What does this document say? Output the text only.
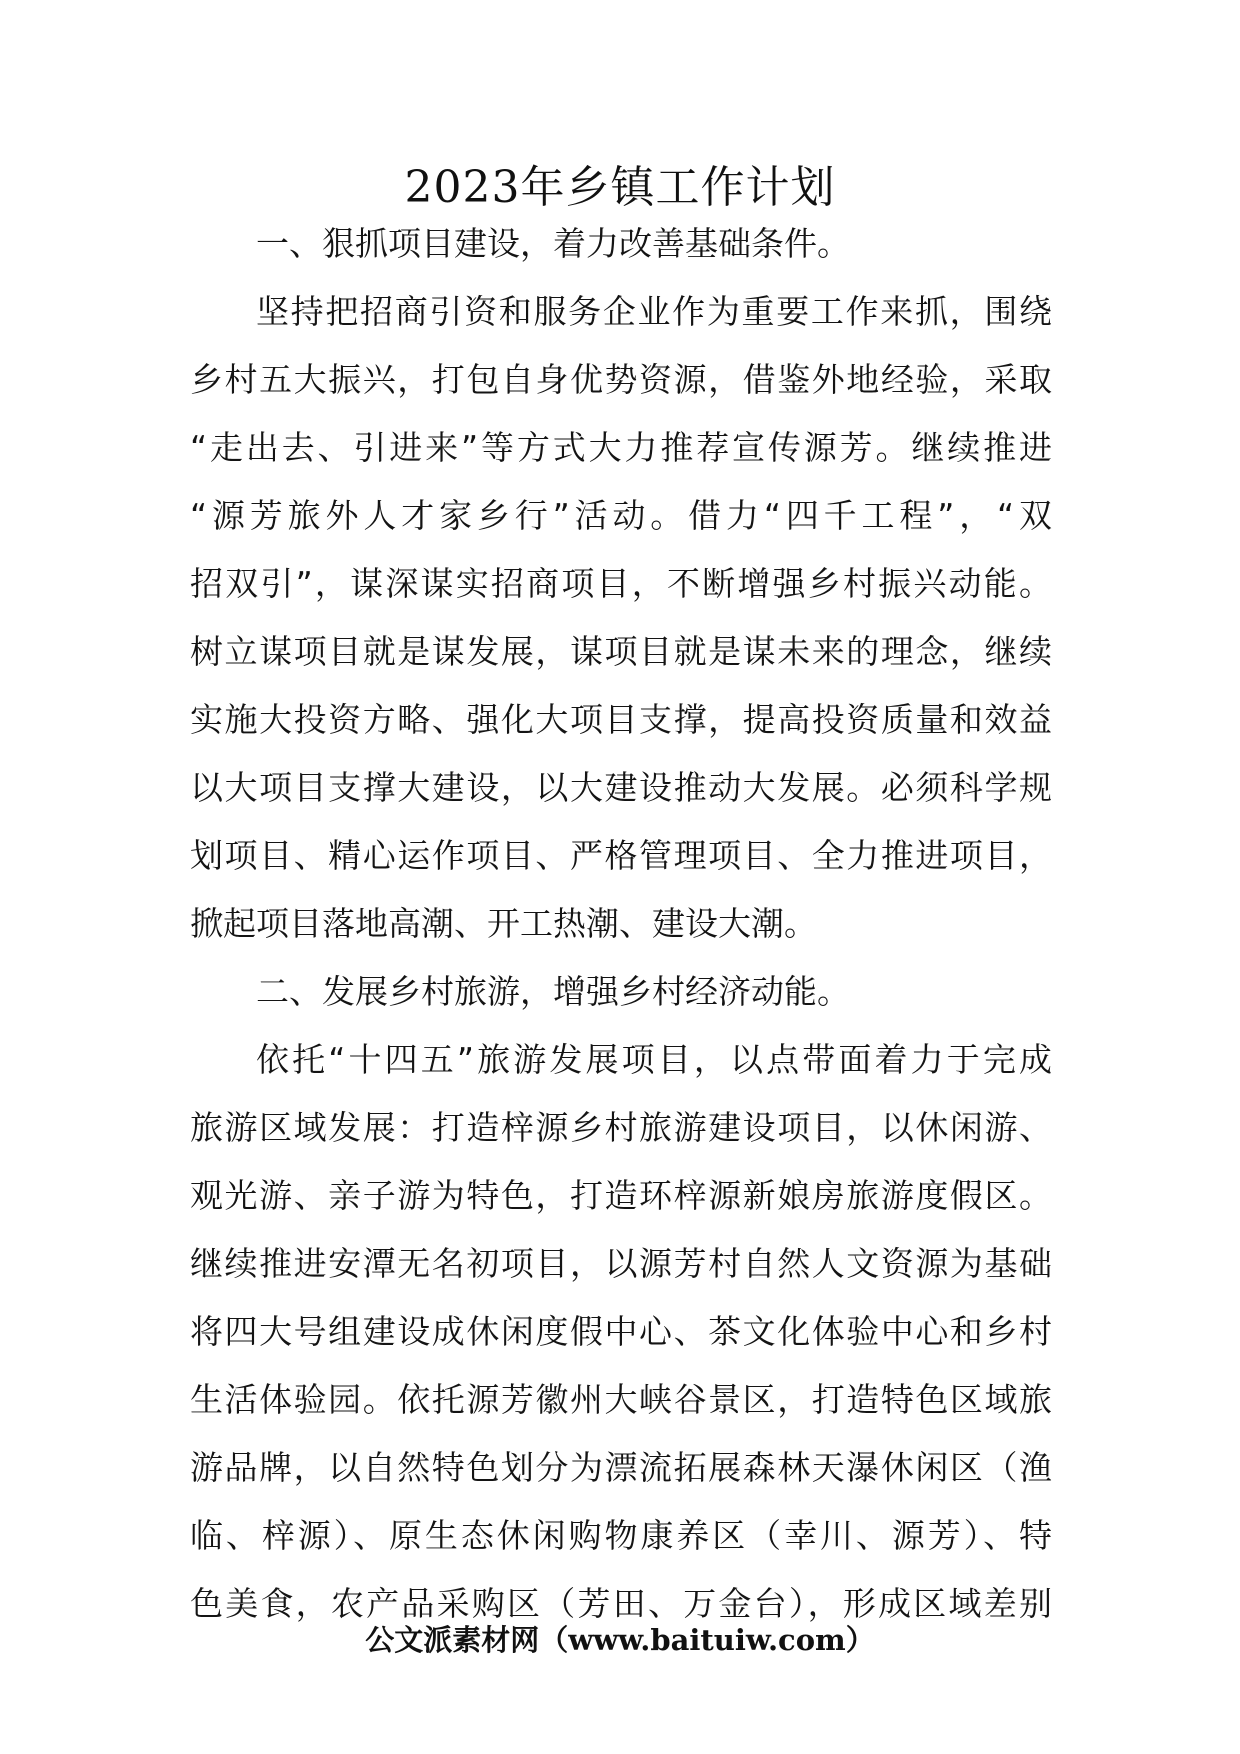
2023年乡镇工作计划
一、狠抓项目建设，着力改善基础条件。
坚持把招商引资和服务企业作为重要工作来抓，围绕
乡村五大振兴，打包自身优势资源，借鉴外地经验，采取
“走出去、引进来”等方式大力推荐宣传源芳。继续推进
“源芳旅外人才家乡行”活动。借力“四千工程”，“双
招双引”，谋深谋实招商项目，不断增强乡村振兴动能。
树立谋项目就是谋发展，谋项目就是谋未来的理念，继续
实施大投资方略、强化大项目支撑，提高投资质量和效益
以大项目支撑大建设，以大建设推动大发展。必须科学规
划项目、精心运作项目、严格管理项目、全力推进项目，
掀起项目落地高潮、开工热潮、建设大潮。
二、发展乡村旅游，增强乡村经济动能。
依托“十四五”旅游发展项目，以点带面着力于完成
旅游区域发展：打造梓源乡村旅游建设项目，以休闲游、
观光游、亲子游为特色，打造环梓源新娘房旅游度假区。
继续推进安潭无名初项目，以源芳村自然人文资源为基础
将四大号组建设成休闲度假中心、茶文化体验中心和乡村
生活体验园。依托源芳徽州大峡谷景区，打造特色区域旅
游品牌，以自然特色划分为漂流拓展森林天瀑休闲区（渔
临、梓源）、原生态休闲购物康养区（幸川、源芳）、特
色美食，农产品采购区（芳田、万金台），形成区域差别
公文派素材网（www.baituiw.com）
